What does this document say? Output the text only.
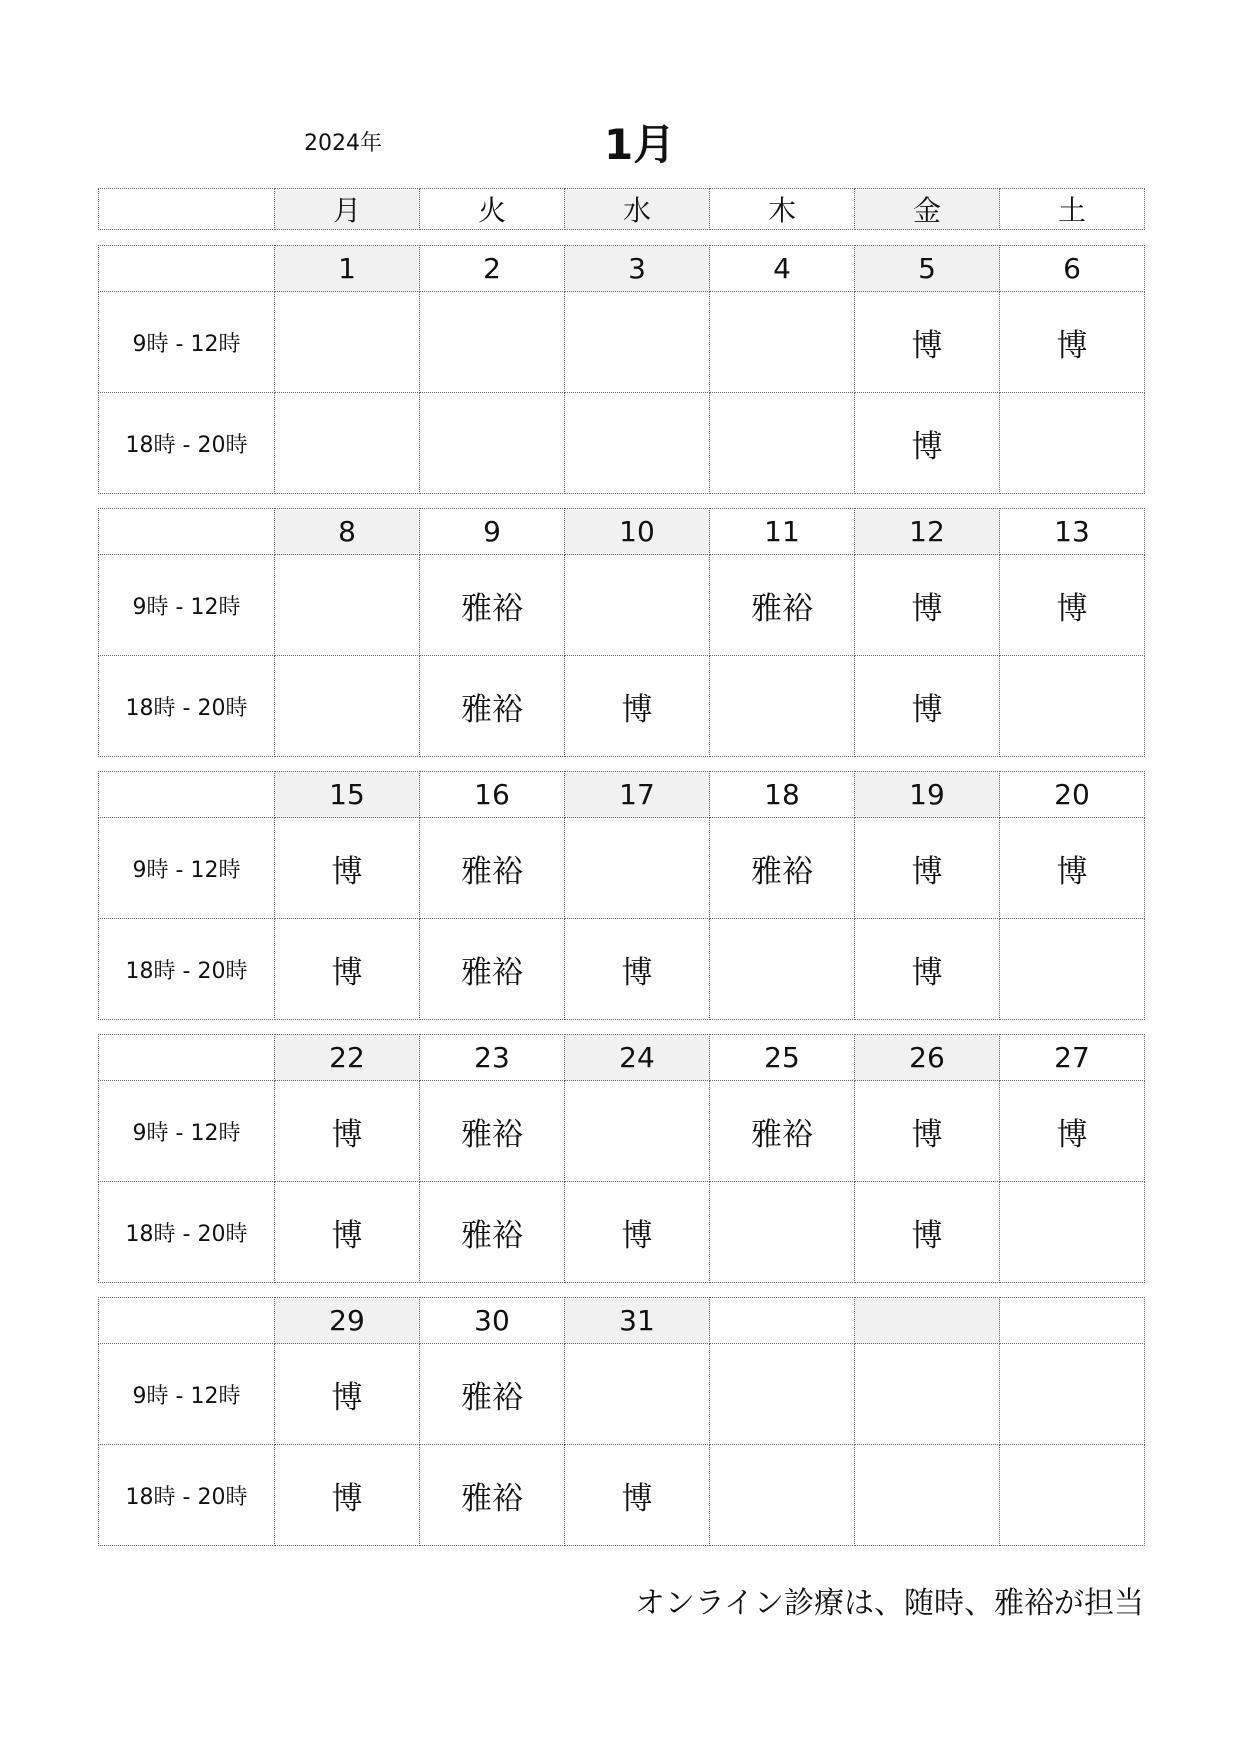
2024年	1月
	月	火	水	木	金	土
	1	2	3	4	5	6
9時 - 12時					博	博
18時 - 20時					博	
	8	9	10	11	12	13
9時 - 12時		雅裕		雅裕	博	博
18時 - 20時		雅裕	博		博	
	15	16	17	18	19	20
9時 - 12時	博	雅裕		雅裕	博	博
18時 - 20時	博	雅裕	博		博	
	22	23	24	25	26	27
9時 - 12時	博	雅裕		雅裕	博	博
18時 - 20時	博	雅裕	博		博	
	29	30	31			
9時 - 12時	博	雅裕				
18時 - 20時	博	雅裕	博			
オンライン診療は、随時、雅裕が担当
